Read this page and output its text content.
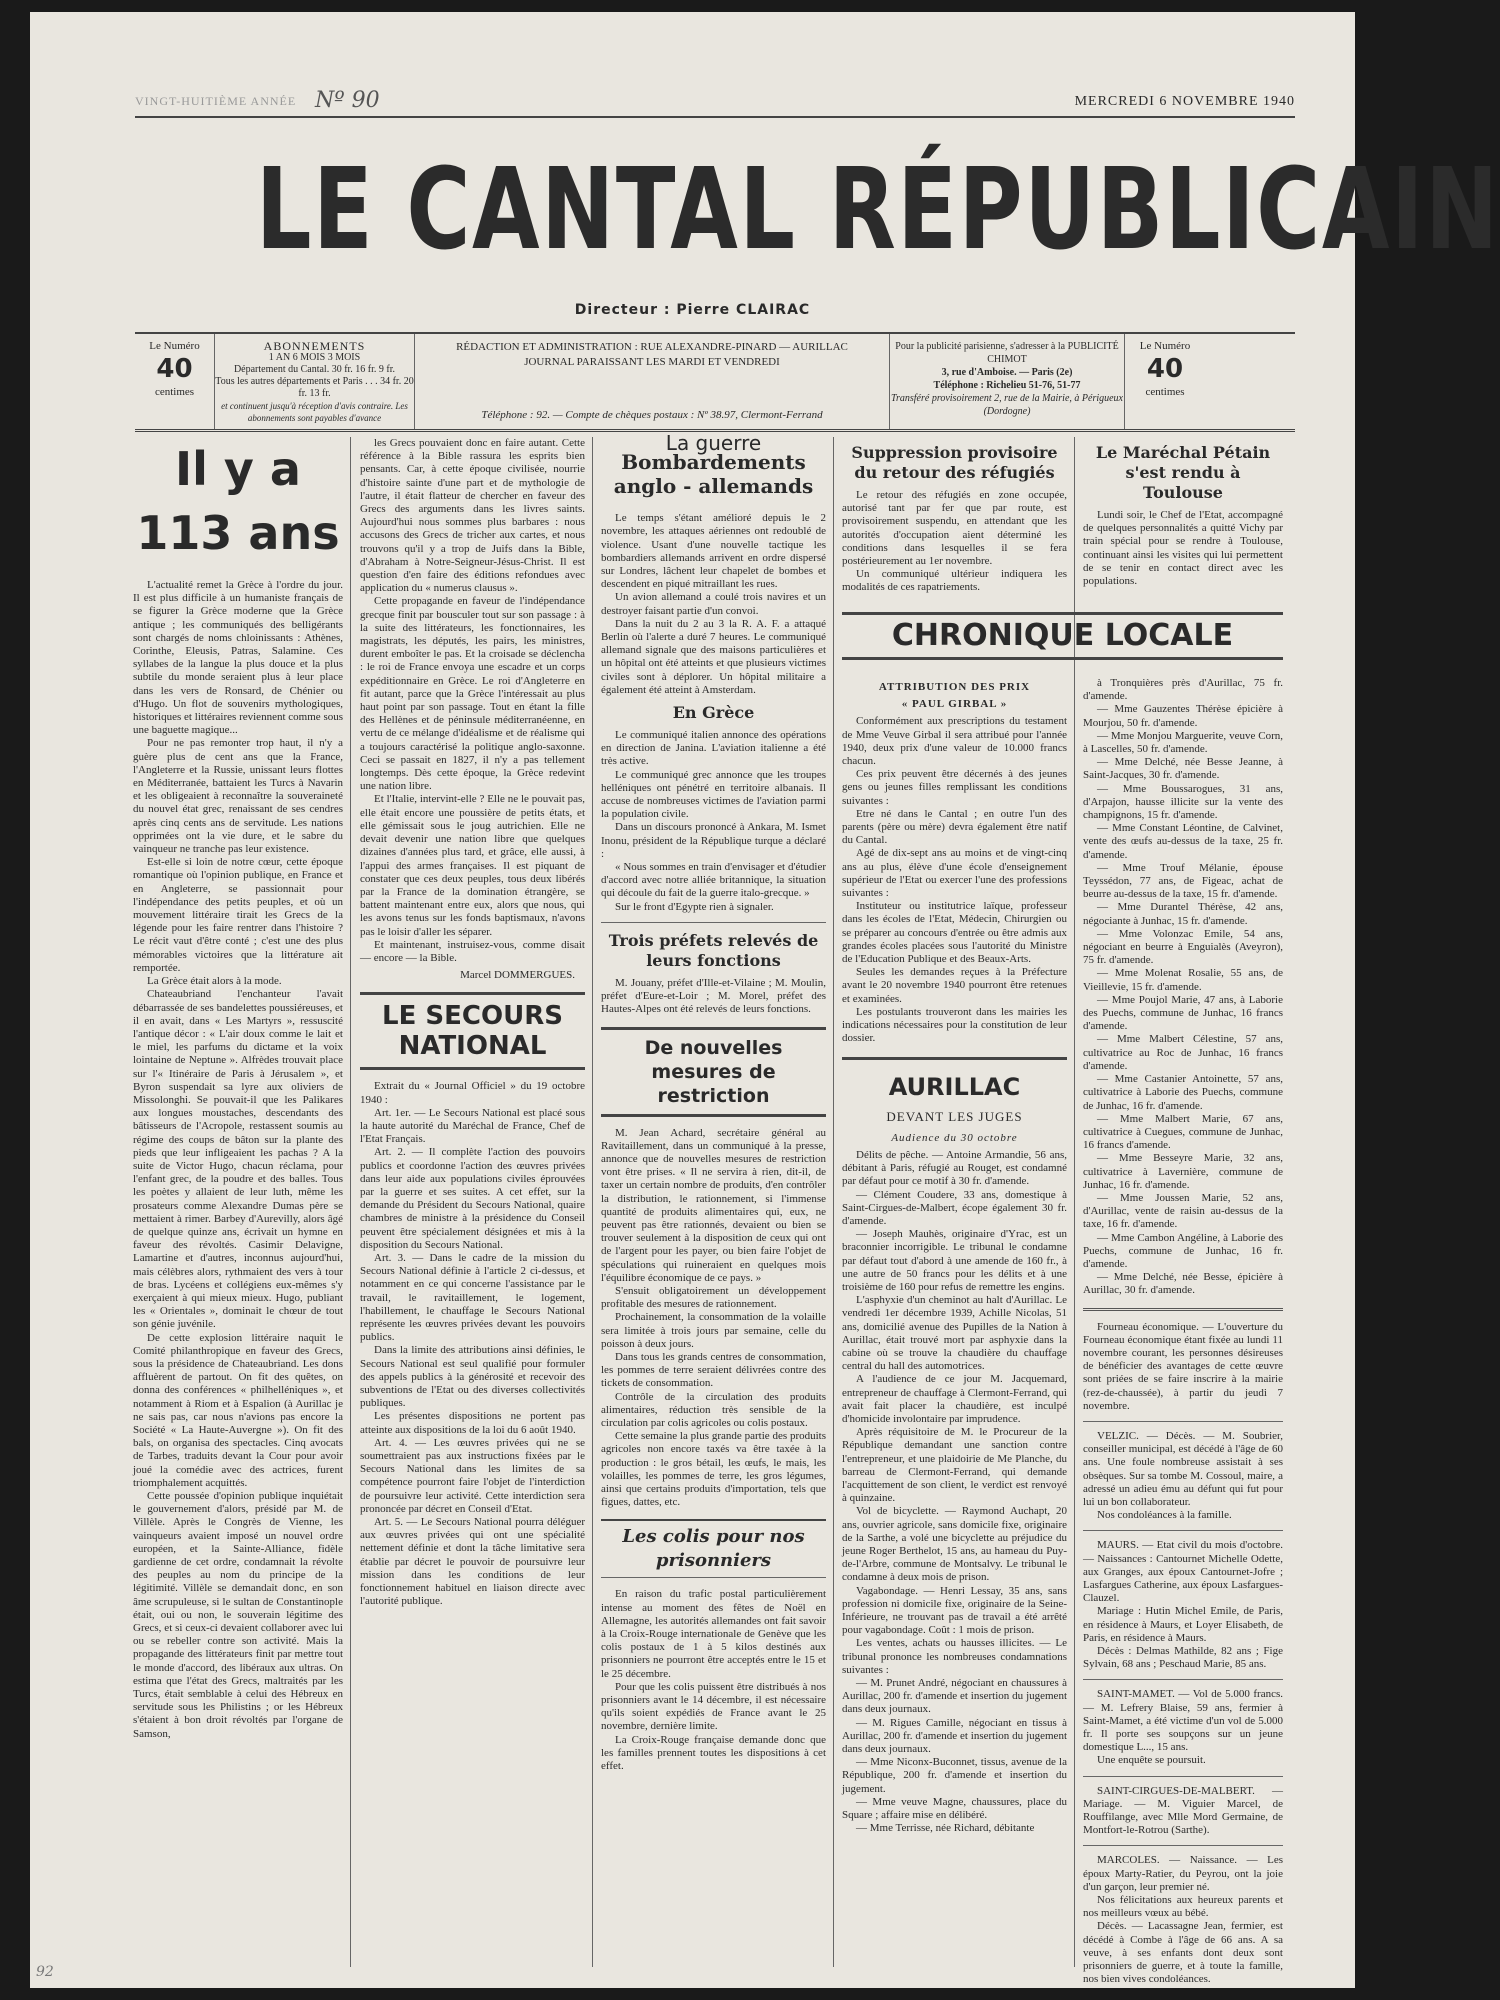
VINGT-HUITIÈME ANNÉE Nº 90	MERCREDI 6 NOVEMBRE 1940
LE CANTAL RÉPUBLICAIN
Directeur : Pierre CLAIRAC
Le Numéro
40
centimes
ABONNEMENTS
1 AN 6 MOIS 3 MOIS
Département du Cantal. 30 fr. 16 fr. 9 fr.
Tous les autres départements et Paris . . . 34 fr. 20 fr. 13 fr.
et continuent jusqu'à réception d'avis contraire. Les abonnements sont payables d'avance
RÉDACTION ET ADMINISTRATION : RUE ALEXANDRE-PINARD — AURILLAC
JOURNAL PARAISSANT LES MARDI ET VENDREDI
Téléphone : 92. — Compte de chèques postaux : Nº 38.97, Clermont-Ferrand
Pour la publicité parisienne, s'adresser à la PUBLICITÉ CHIMOT
3, rue d'Amboise. — Paris (2e)
Téléphone : Richelieu 51-76, 51-77
Transféré provisoirement 2, rue de la Mairie, à Périgueux (Dordogne)
Le Numéro
40
centimes
Il y a 113 ans

L'actualité remet la Grèce à l'ordre du jour. Il est plus difficile à un humaniste français de se figurer la Grèce moderne que la Grèce antique ; les communiqués des belligérants sont chargés de noms chloinissants : Athènes, Corinthe, Eleusis, Patras, Salamine. Ces syllabes de la langue la plus douce et la plus subtile du monde seraient plus à leur place dans les vers de Ronsard, de Chénier ou d'Hugo. Un flot de souvenirs mythologiques, historiques et littéraires reviennent comme sous une baguette magique...

Pour ne pas remonter trop haut, il n'y a guère plus de cent ans que la France, l'Angleterre et la Russie, unissant leurs flottes en Méditerranée, battaient les Turcs à Navarin et les obligeaient à reconnaître la souveraineté du nouvel état grec, renaissant de ses cendres après cinq cents ans de servitude. Les nations opprimées ont la vie dure, et le sabre du vainqueur ne tranche pas leur existence.

Est-elle si loin de notre cœur, cette époque romantique où l'opinion publique, en France et en Angleterre, se passionnait pour l'indépendance des petits peuples, et où un mouvement littéraire tirait les Grecs de la légende pour les faire rentrer dans l'histoire ? Le récit vaut d'être conté ; c'est une des plus mémorables victoires que la littérature ait remportée.

La Grèce était alors à la mode.

Chateaubriand l'enchanteur l'avait débarrassée de ses bandelettes poussiéreuses, et il en avait, dans « Les Martyrs », ressuscité l'antique décor : « L'air doux comme le lait et le miel, les parfums du dictame et la voix lointaine de Neptune ». Alfrèdes trouvait place sur l'« Itinéraire de Paris à Jérusalem », et Byron suspendait sa lyre aux oliviers de Missolonghi. Se pouvait-il que les Palikares aux longues moustaches, descendants des bâtisseurs de l'Acropole, restassent soumis au régime des coups de bâton sur la plante des pieds que leur infligeaient les pachas ? A la suite de Victor Hugo, chacun réclama, pour l'enfant grec, de la poudre et des balles. Tous les poètes y allaient de leur luth, même les prosateurs comme Alexandre Dumas père se mettaient à rimer. Barbey d'Aurevilly, alors âgé de quelque quinze ans, écrivait un hymne en faveur des révoltés. Casimir Delavigne, Lamartine et d'autres, inconnus aujourd'hui, mais célèbres alors, rythmaient des vers à tour de bras. Lycéens et collégiens eux-mêmes s'y exerçaient à qui mieux mieux. Hugo, publiant les « Orientales », dominait le chœur de tout son génie juvénile.

De cette explosion littéraire naquit le Comité philanthropique en faveur des Grecs, sous la présidence de Chateaubriand. Les dons affluèrent de partout. On fit des quêtes, on donna des conférences « philhelléniques », et notamment à Riom et à Espalion (à Aurillac je ne sais pas, car nous n'avions pas encore la Société « La Haute-Auvergne »). On fit des bals, on organisa des spectacles. Cinq avocats de Tarbes, traduits devant la Cour pour avoir joué la comédie avec des actrices, furent triomphalement acquittés.

Cette poussée d'opinion publique inquiétait le gouvernement d'alors, présidé par M. de Villèle. Après le Congrès de Vienne, les vainqueurs avaient imposé un nouvel ordre européen, et la Sainte-Alliance, fidèle gardienne de cet ordre, condamnait la révolte des peuples au nom du principe de la légitimité. Villèle se demandait donc, en son âme scrupuleuse, si le sultan de Constantinople était, oui ou non, le souverain légitime des Grecs, et si ceux-ci devaient collaborer avec lui ou se rebeller contre son activité. Mais la propagande des littérateurs finit par mettre tout le monde d'accord, des libéraux aux ultras. On estima que l'état des Grecs, maltraités par les Turcs, était semblable à celui des Hébreux en servitude sous les Philistins ; or les Hébreux s'étaient à bon droit révoltés par l'organe de Samson,

les Grecs pouvaient donc en faire autant. Cette référence à la Bible rassura les esprits bien pensants. Car, à cette époque civilisée, nourrie d'histoire sainte d'une part et de mythologie de l'autre, il était flatteur de chercher en faveur des Grecs des arguments dans les livres saints. Aujourd'hui nous sommes plus barbares : nous accusons des Grecs de tricher aux cartes, et nous trouvons qu'il y a trop de Juifs dans la Bible, d'Abraham à Notre-Seigneur-Jésus-Christ. Il est question d'en faire des éditions refondues avec application du « numerus clausus ».

Cette propagande en faveur de l'indépendance grecque finit par bousculer tout sur son passage : à la suite des littérateurs, les fonctionnaires, les magistrats, les députés, les pairs, les ministres, durent emboîter le pas. Et la croisade se déclencha : le roi de France envoya une escadre et un corps expéditionnaire en Grèce. Le roi d'Angleterre en fit autant, parce que la Grèce l'intéressait au plus haut point par son passage. Tout en étant la fille des Hellènes et de péninsule méditerranéenne, en vertu de ce mélange d'idéalisme et de réalisme qui a toujours caractérisé la politique anglo-saxonne. Ceci se passait en 1827, il n'y a pas tellement longtemps. Dès cette époque, la Grèce redevint une nation libre.

Et l'Italie, intervint-elle ? Elle ne le pouvait pas, elle était encore une poussière de petits états, et elle gémissait sous le joug autrichien. Elle ne devait devenir une nation libre que quelques dizaines d'années plus tard, et grâce, elle aussi, à l'appui des armes françaises. Il est piquant de constater que ces deux peuples, tous deux libérés par la France de la domination étrangère, se battent maintenant entre eux, alors que nous, qui les avons tenus sur les fonds baptismaux, n'avons pas le loisir d'aller les séparer.

Et maintenant, instruisez-vous, comme disait — encore — la Bible.

Marcel DOMMERGUES.
LE SECOURS NATIONAL

Extrait du « Journal Officiel » du 19 octobre 1940 :

Art. 1er. — Le Secours National est placé sous la haute autorité du Maréchal de France, Chef de l'Etat Français.

Art. 2. — Il complète l'action des pouvoirs publics et coordonne l'action des œuvres privées dans leur aide aux populations civiles éprouvées par la guerre et ses suites. A cet effet, sur la demande du Président du Secours National, quaire chambres de ministre à la présidence du Conseil peuvent être spécialement désignées et mis à la disposition du Secours National.

Art. 3. — Dans le cadre de la mission du Secours National définie à l'article 2 ci-dessus, et notamment en ce qui concerne l'assistance par le travail, le ravitaillement, le logement, l'habillement, le chauffage le Secours National représente les œuvres privées devant les pouvoirs publics.

Dans la limite des attributions ainsi définies, le Secours National est seul qualifié pour formuler des appels publics à la générosité et recevoir des subventions de l'Etat ou des diverses collectivités publiques.

Les présentes dispositions ne portent pas atteinte aux dispositions de la loi du 6 août 1940.

Art. 4. — Les œuvres privées qui ne se soumettraient pas aux instructions fixées par le Secours National dans les limites de sa compétence pourront faire l'objet de l'interdiction de poursuivre leur activité. Cette interdiction sera prononcée par décret en Conseil d'Etat.

Art. 5. — Le Secours National pourra déléguer aux œuvres privées qui ont une spécialité nettement définie et dont la tâche limitative sera établie par décret le pouvoir de poursuivre leur mission dans les conditions de leur fonctionnement habituel en liaison directe avec l'autorité publique.

La guerre
Bombardements anglo - allemands

Le temps s'étant amélioré depuis le 2 novembre, les attaques aériennes ont redoublé de violence. Usant d'une nouvelle tactique les bombardiers allemands arrivent en ordre dispersé sur Londres, lâchent leur chapelet de bombes et descendent en piqué mitraillant les rues.

Un avion allemand a coulé trois navires et un destroyer faisant partie d'un convoi.

Dans la nuit du 2 au 3 la R. A. F. a attaqué Berlin où l'alerte a duré 7 heures. Le communiqué allemand signale que des maisons particulières et un hôpital ont été atteints et que plusieurs victimes civiles sont à déplorer. Un hôpital militaire a également été atteint à Amsterdam.

En Grèce

Le communiqué italien annonce des opérations en direction de Janina. L'aviation italienne a été très active.

Le communiqué grec annonce que les troupes helléniques ont pénétré en territoire albanais. Il accuse de nombreuses victimes de l'aviation parmi la population civile.

Dans un discours prononcé à Ankara, M. Ismet Inonu, président de la République turque a déclaré :

« Nous sommes en train d'envisager et d'étudier d'accord avec notre alliée britannique, la situation qui découle du fait de la guerre italo-grecque. »

Sur le front d'Egypte rien à signaler.

Trois préfets relevés de leurs fonctions

M. Jouany, préfet d'Ille-et-Vilaine ; M. Moulin, préfet d'Eure-et-Loir ; M. Morel, préfet des Hautes-Alpes ont été relevés de leurs fonctions.

De nouvelles mesures de restriction

M. Jean Achard, secrétaire général au Ravitaillement, dans un communiqué à la presse, annonce que de nouvelles mesures de restriction vont être prises. « Il ne servira à rien, dit-il, de taxer un certain nombre de produits, d'en contrôler la distribution, le rationnement, si l'immense quantité de produits alimentaires qui, eux, ne peuvent pas être rationnés, devaient ou bien se trouver seulement à la disposition de ceux qui ont de l'argent pour les payer, ou bien faire l'objet de spéculations qui ruineraient en quelques mois l'équilibre économique de ce pays. »

S'ensuit obligatoirement un développement profitable des mesures de rationnement.

Prochainement, la consommation de la volaille sera limitée à trois jours par semaine, celle du poisson à deux jours.

Dans tous les grands centres de consommation, les pommes de terre seraient délivrées contre des tickets de consommation.

Contrôle de la circulation des produits alimentaires, réduction très sensible de la circulation par colis agricoles ou colis postaux.

Cette semaine la plus grande partie des produits agricoles non encore taxés va être taxée à la production : le gros bétail, les œufs, le mais, les volailles, les pommes de terre, les gros légumes, ainsi que certains produits d'importation, tels que figues, dattes, etc.

Les colis pour nos prisonniers

En raison du trafic postal particulièrement intense au moment des fêtes de Noël en Allemagne, les autorités allemandes ont fait savoir à la Croix-Rouge internationale de Genève que les colis postaux de 1 à 5 kilos destinés aux prisonniers ne pourront être acceptés entre le 15 et le 25 décembre.

Pour que les colis puissent être distribués à nos prisonniers avant le 14 décembre, il est nécessaire qu'ils soient expédiés de France avant le 25 novembre, dernière limite.

La Croix-Rouge française demande donc que les familles prennent toutes les dispositions à cet effet.

Suppression provisoire du retour des réfugiés

Le retour des réfugiés en zone occupée, autorisé tant par fer que par route, est provisoirement suspendu, en attendant que les autorités d'occupation aient déterminé les conditions dans lesquelles il se fera postérieurement au 1er novembre.

Un communiqué ultérieur indiquera les modalités de ces rapatriements.

Le Maréchal Pétain s'est rendu à Toulouse

Lundi soir, le Chef de l'Etat, accompagné de quelques personnalités a quitté Vichy par train spécial pour se rendre à Toulouse, continuant ainsi les visites qui lui permettent de se tenir en contact direct avec les populations.

CHRONIQUE LOCALE
ATTRIBUTION DES PRIX
« PAUL GIRBAL »

Conformément aux prescriptions du testament de Mme Veuve Girbal il sera attribué pour l'année 1940, deux prix d'une valeur de 10.000 francs chacun.

Ces prix peuvent être décernés à des jeunes gens ou jeunes filles remplissant les conditions suivantes :

Etre né dans le Cantal ; en outre l'un des parents (père ou mère) devra également être natif du Cantal.

Agé de dix-sept ans au moins et de vingt-cinq ans au plus, élève d'une école d'enseignement supérieur de l'Etat ou exercer l'une des professions suivantes :

Instituteur ou institutrice laïque, professeur dans les écoles de l'Etat, Médecin, Chirurgien ou se préparer au concours d'entrée ou être admis aux grandes écoles placées sous l'autorité du Ministre de l'Education Publique et des Beaux-Arts.

Seules les demandes reçues à la Préfecture avant le 20 novembre 1940 pourront être retenues et examinées.

Les postulants trouveront dans les mairies les indications nécessaires pour la constitution de leur dossier.

AURILLAC
DEVANT LES JUGES
Audience du 30 octobre

Délits de pêche. — Antoine Armandie, 56 ans, débitant à Paris, réfugié au Rouget, est condamné par défaut pour ce motif à 30 fr. d'amende.

— Clément Coudere, 33 ans, domestique à Saint-Cirgues-de-Malbert, écope également 30 fr. d'amende.

— Joseph Mauhès, originaire d'Yrac, est un braconnier incorrigible. Le tribunal le condamne par défaut tout d'abord à une amende de 160 fr., à une autre de 50 francs pour les délits et à une troisième de 160 pour refus de remettre les engins.

L'asphyxie d'un cheminot au halt d'Aurillac. Le vendredi 1er décembre 1939, Achille Nicolas, 51 ans, domicilié avenue des Pupilles de la Nation à Aurillac, était trouvé mort par asphyxie dans la cabine où se trouve la chaudière du chauffage central du hall des automotrices.

A l'audience de ce jour M. Jacquemard, entrepreneur de chauffage à Clermont-Ferrand, qui avait fait placer la chaudière, est inculpé d'homicide involontaire par imprudence.

Après réquisitoire de M. le Procureur de la République demandant une sanction contre l'entrepreneur, et une plaidoirie de Me Planche, du barreau de Clermont-Ferrand, qui demande l'acquittement de son client, le verdict est renvoyé à quinzaine.

Vol de bicyclette. — Raymond Auchapt, 20 ans, ouvrier agricole, sans domicile fixe, originaire de la Sarthe, a volé une bicyclette au préjudice du jeune Roger Berthelot, 15 ans, au hameau du Puy-de-l'Arbre, commune de Montsalvy. Le tribunal le condamne à deux mois de prison.

Vagabondage. — Henri Lessay, 35 ans, sans profession ni domicile fixe, originaire de la Seine-Inférieure, ne trouvant pas de travail a été arrêté pour vagabondage. Coût : 1 mois de prison.

Les ventes, achats ou hausses illicites. — Le tribunal prononce les nombreuses condamnations suivantes :

— M. Prunet André, négociant en chaussures à Aurillac, 200 fr. d'amende et insertion du jugement dans deux journaux.

— M. Rigues Camille, négociant en tissus à Aurillac, 200 fr. d'amende et insertion du jugement dans deux journaux.

— Mme Niconx-Buconnet, tissus, avenue de la République, 200 fr. d'amende et insertion du jugement.

— Mme veuve Magne, chaussures, place du Square ; affaire mise en délibéré.

— Mme Terrisse, née Richard, débitante

à Tronquières près d'Aurillac, 75 fr. d'amende.

— Mme Gauzentes Thérèse épicière à Mourjou, 50 fr. d'amende.

— Mme Monjou Marguerite, veuve Corn, à Lascelles, 50 fr. d'amende.

— Mme Delché, née Besse Jeanne, à Saint-Jacques, 30 fr. d'amende.

— Mme Boussarogues, 31 ans, d'Arpajon, hausse illicite sur la vente des champignons, 15 fr. d'amende.

— Mme Constant Léontine, de Calvinet, vente des œufs au-dessus de la taxe, 25 fr. d'amende.

— Mme Trouf Mélanie, épouse Teyssédon, 77 ans, de Figeac, achat de beurre au-dessus de la taxe, 15 fr. d'amende.

— Mme Durantel Thérèse, 42 ans, négociante à Junhac, 15 fr. d'amende.

— Mme Volonzac Emile, 54 ans, négociant en beurre à Enguialès (Aveyron), 75 fr. d'amende.

— Mme Molenat Rosalie, 55 ans, de Vieillevie, 15 fr. d'amende.

— Mme Poujol Marie, 47 ans, à Laborie des Puechs, commune de Junhac, 16 francs d'amende.

— Mme Malbert Célestine, 57 ans, cultivatrice au Roc de Junhac, 16 francs d'amende.

— Mme Castanier Antoinette, 57 ans, cultivatrice à Laborie des Puechs, commune de Junhac, 16 fr. d'amende.

— Mme Malbert Marie, 67 ans, cultivatrice à Cuegues, commune de Junhac, 16 francs d'amende.

— Mme Besseyre Marie, 32 ans, cultivatrice à Lavernière, commune de Junhac, 16 fr. d'amende.

— Mme Joussen Marie, 52 ans, d'Aurillac, vente de raisin au-dessus de la taxe, 16 fr. d'amende.

— Mme Cambon Angéline, à Laborie des Puechs, commune de Junhac, 16 fr. d'amende.

— Mme Delché, née Besse, épicière à Aurillac, 30 fr. d'amende.

Fourneau économique. — L'ouverture du Fourneau économique étant fixée au lundi 11 novembre courant, les personnes désireuses de bénéficier des avantages de cette œuvre sont priées de se faire inscrire à la mairie (rez-de-chaussée), à partir du jeudi 7 novembre.

VELZIC. — Décès. — M. Soubrier, conseiller municipal, est décédé à l'âge de 60 ans. Une foule nombreuse assistait à ses obsèques. Sur sa tombe M. Cossoul, maire, a adressé un adieu ému au défunt qui fut pour lui un bon collaborateur.

Nos condoléances à la famille.

MAURS. — Etat civil du mois d'octobre. — Naissances : Cantournet Michelle Odette, aux Granges, aux époux Cantournet-Jofre ; Lasfargues Catherine, aux époux Lasfargues-Clauzel.

Mariage : Hutin Michel Emile, de Paris, en résidence à Maurs, et Loyer Elisabeth, de Paris, en résidence à Maurs.

Décès : Delmas Mathilde, 82 ans ; Fige Sylvain, 68 ans ; Peschaud Marie, 85 ans.

SAINT-MAMET. — Vol de 5.000 francs. — M. Lefrery Blaise, 59 ans, fermier à Saint-Mamet, a été victime d'un vol de 5.000 fr. Il porte ses soupçons sur un jeune domestique L..., 15 ans.

Une enquête se poursuit.

SAINT-CIRGUES-DE-MALBERT. — Mariage. — M. Viguier Marcel, de Rouffilange, avec Mlle Mord Germaine, de Montfort-le-Rotrou (Sarthe).

MARCOLES. — Naissance. — Les époux Marty-Ratier, du Peyrou, ont la joie d'un garçon, leur premier né.

Nos félicitations aux heureux parents et nos meilleurs vœux au bébé.

Décès. — Lacassagne Jean, fermier, est décédé à Combe à l'âge de 66 ans. A sa veuve, à ses enfants dont deux sont prisonniers de guerre, et à toute la famille, nos bien vives condoléances.

92
